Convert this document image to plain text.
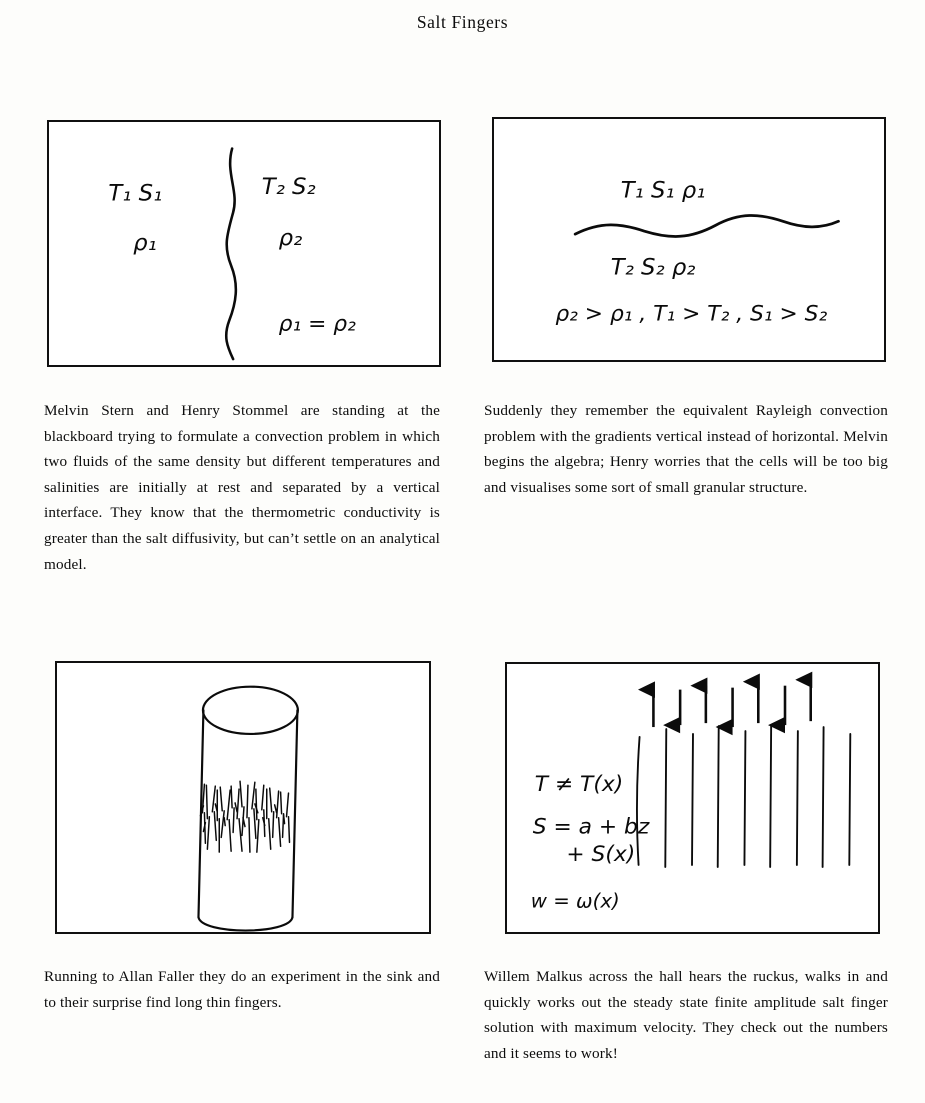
Salt Fingers
T₁ S₁
ρ₁
T₂ S₂
ρ₂
ρ₁ = ρ₂
T₁ S₁ ρ₁
T₂ S₂ ρ₂
ρ₂ > ρ₁ , T₁ > T₂ , S₁ > S₂

Melvin Stern and Henry Stommel are standing at the blackboard trying to formulate a convection problem in which two fluids of the same density but different temperatures and salinities are initially at rest and separated by a vertical interface. They know that the thermometric conductivity is greater than the salt diffusivity, but can’t settle on an analytical model.

Suddenly they remember the equivalent Rayleigh convection problem with the gradients vertical instead of horizontal. Melvin begins the algebra; Henry worries that the cells will be too big and visualises some sort of small granular structure.

T ≠ T(x)
S = a + bz
+ S(x)
w = ω(x)

Running to Allan Faller they do an experiment in the sink and to their surprise find long thin fingers.

Willem Malkus across the hall hears the ruckus, walks in and quickly works out the steady state finite amplitude salt finger solution with maximum velocity. They check out the numbers and it seems to work!
